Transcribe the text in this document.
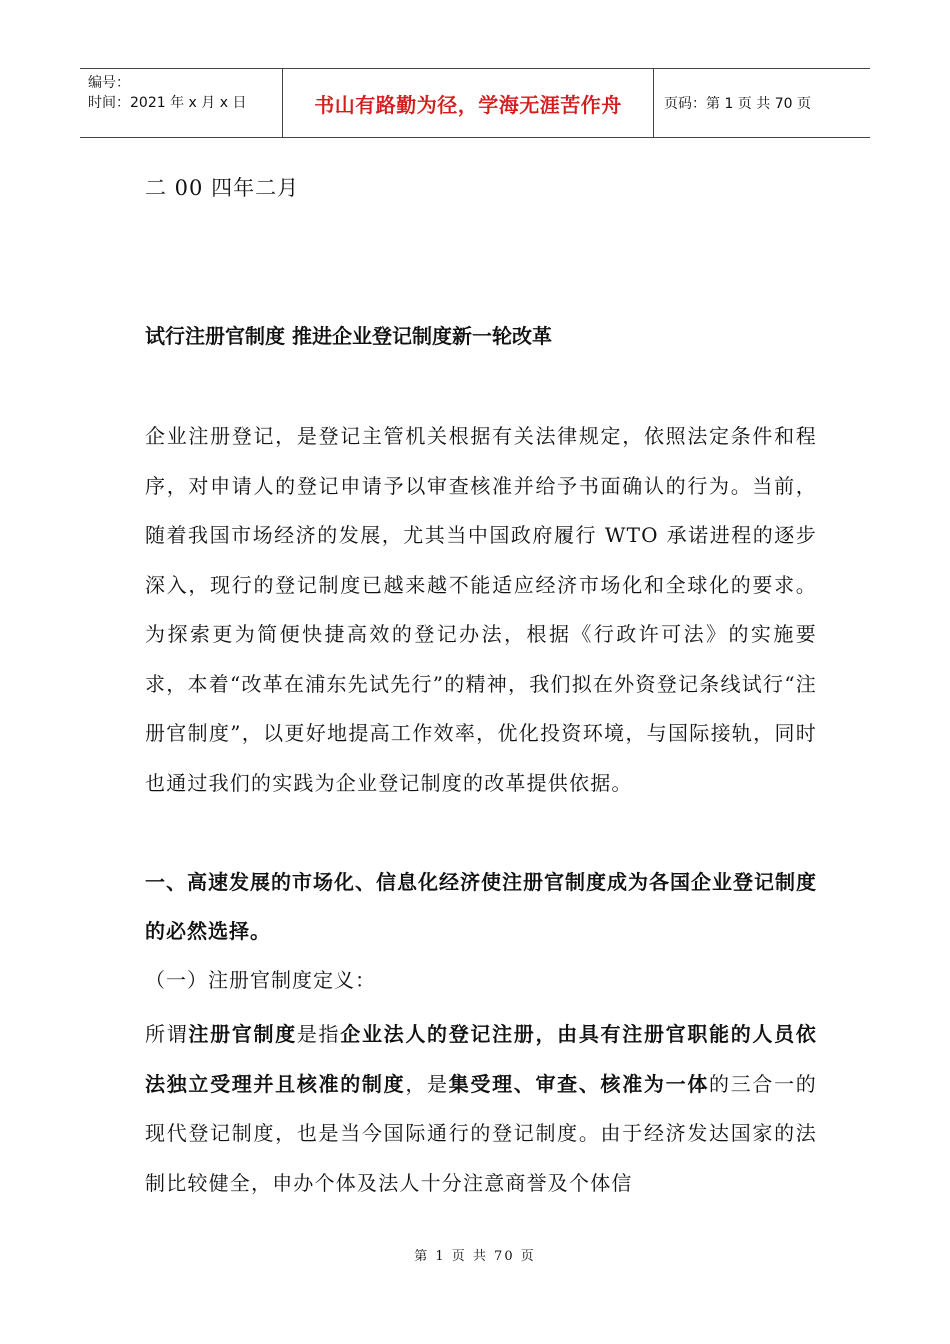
编号：
时间：2021 年 x 月 x 日	书山有路勤为径，学海无涯苦作舟	页码：第 1 页 共 70 页
二 00 四年二月
试行注册官制度 推进企业登记制度新一轮改革
企业注册登记，是登记主管机关根据有关法律规定，依照法定条件和程序，对申请人的登记申请予以审查核准并给予书面确认的行为。当前，随着我国市场经济的发展，尤其当中国政府履行 WTO 承诺进程的逐步深入，现行的登记制度已越来越不能适应经济市场化和全球化的要求。为探索更为简便快捷高效的登记办法，根据《行政许可法》的实施要求，本着“改革在浦东先试先行”的精神，我们拟在外资登记条线试行“注册官制度”，以更好地提高工作效率，优化投资环境，与国际接轨，同时也通过我们的实践为企业登记制度的改革提供依据。
一、高速发展的市场化、信息化经济使注册官制度成为各国企业登记制度的必然选择。
（一）注册官制度定义：
所谓注册官制度是指企业法人的登记注册，由具有注册官职能的人员依法独立受理并且核准的制度，是集受理、审查、核准为一体的三合一的现代登记制度，也是当今国际通行的登记制度。由于经济发达国家的法制比较健全，申办个体及法人十分注意商誉及个体信
第 1 页 共 70 页
